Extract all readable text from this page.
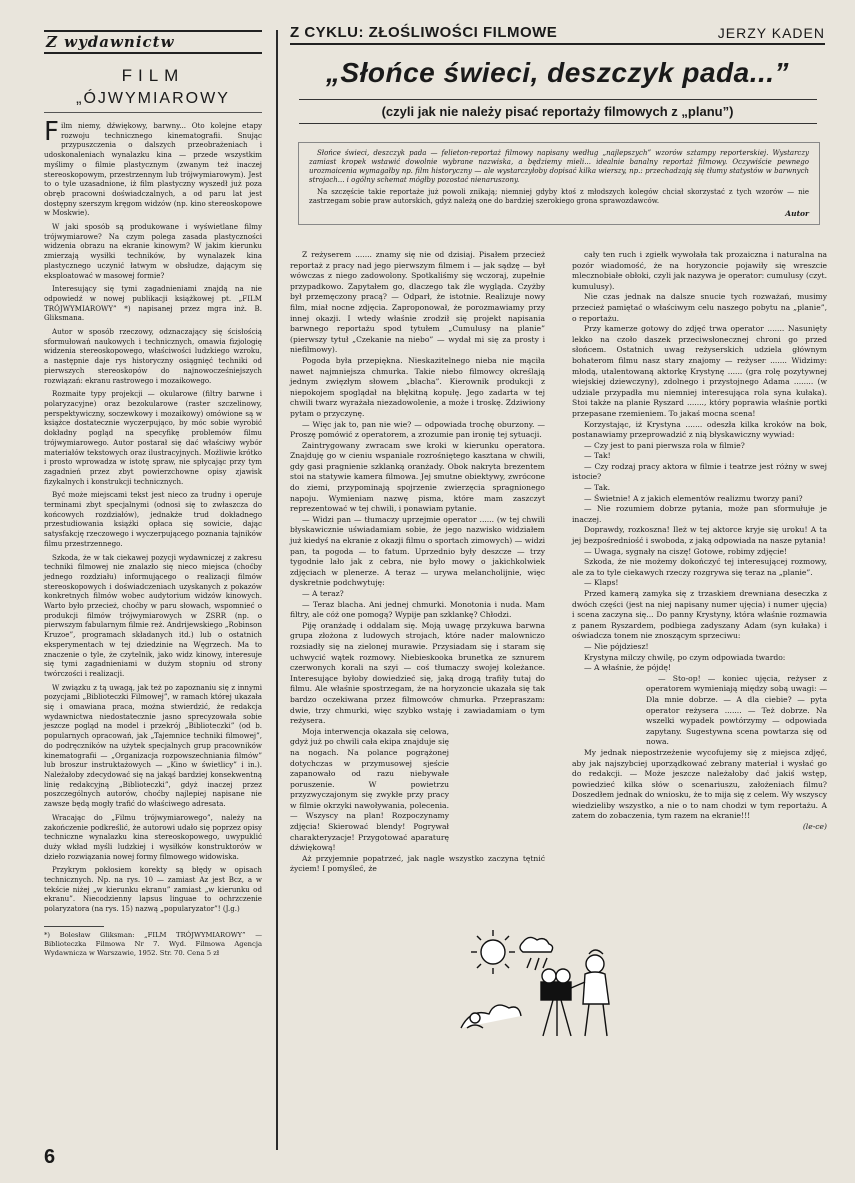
Z wydawnictw
FILM
„ÓJWYMIAROWY

Film niemy, dźwiękowy, barwny... Oto kolejne etapy rozwoju technicznego kinematografii. Snując przypuszczenia o dalszych przeobrażeniach i udoskonaleniach wynalazku kina — przede wszystkim myślimy o filmie plastycznym (zwanym też inaczej stereoskopowym, przestrzennym lub trójwymiarowym). Jest to o tyle uzasadnione, iż film plastyczny wyszedł już poza obręb pracowni doświadczalnych, a od paru lat jest dostępny szerszym kręgom widzów (np. kino stereoskopowe w Moskwie).

W jaki sposób są produkowane i wyświetlane filmy trójwymiarowe? Na czym polega zasada plastyczności widzenia obrazu na ekranie kinowym? W jakim kierunku zmierzają wysiłki techników, by wynalazek kina plastycznego uczynić łatwym w obsłudze, dającym się eksploatować w masowej formie?

Interesujący się tymi zagadnieniami znajdą na nie odpowiedź w nowej publikacji książkowej pt. „FILM TRÓJWYMIAROWY” *) napisanej przez mgra inż. B. Gliksmana.

Autor w sposób rzeczowy, odznaczający się ścisłością sformułowań naukowych i technicznych, omawia fizjologię widzenia stereoskopowego, właściwości ludzkiego wzroku, a następnie daje rys historyczny osiągnięć techniki od pierwszych stereoskopów do najnowocześniejszych rozwiązań: ekranu rastrowego i mozaikowego.

Rozmaite typy projekcji — okularowe (filtry barwne i polaryzacyjne) oraz bezokularowe (raster szczelinowy, perspektywiczny, soczewkowy i mozaikowy) omówione są w książce dostatecznie wyczerpująco, by móc sobie wyrobić dokładny pogląd na specyfikę problemów filmu trójwymiarowego. Autor postarał się dać właściwy wybór materiałów tekstowych oraz ilustracyjnych. Możliwie krótko i prosto wprowadza w istotę spraw, nie spłycając przy tym zagadnień przez zbyt powierzchowne opisy zjawisk fizykalnych i konstrukcji technicznych.

Być może miejscami tekst jest nieco za trudny i operuje terminami zbyt specjalnymi (odnosi się to zwłaszcza do końcowych rozdziałów), jednakże trud dokładnego przestudiowania książki opłaca się sowicie, dając satysfakcję rzeczowego i wyczerpującego poznania tajników filmu przestrzennego.

Szkoda, że w tak ciekawej pozycji wydawniczej z zakresu techniki filmowej nie znalazło się nieco miejsca (choćby jednego rozdziału) informującego o realizacji filmów stereoskopowych i doświadczeniach uzyskanych z pokazów konkretnych filmów wobec audytorium widzów kinowych. Warto było przecież, choćby w paru słowach, wspomnieć o produkcji filmów trójwymiarowych w ZSRR (np. o pierwszym fabularnym filmie reż. Andrijewskiego „Robinson Kruzoe”, programach składanych itd.) lub o ostatnich eksperymentach w tej dziedzinie na Węgrzech. Ma to znaczenie o tyle, że czytelnik, jako widz kinowy, interesuje się tymi zagadnieniami w dużym stopniu od strony twórczości i realizacji.

W związku z tą uwagą, jak też po zapoznaniu się z innymi pozycjami „Biblioteczki Filmowej”, w ramach której ukazała się i omawiana praca, można stwierdzić, że redakcja wydawnictwa niedostatecznie jasno sprecyzowała sobie jeszcze pogląd na model i przekrój „Biblioteczki” (od b. popularnych opracowań, jak „Tajemnice techniki filmowej”, do podręczników na użytek specjalnych grup pracowników kinematografii — „Organizacja rozpowszechniania filmów” lub broszur instruktażowych — „Kino w świetlicy” i in.). Należałoby zdecydować się na jakąś bardziej konsekwentną linię redakcyjną „Biblioteczki”, gdyż inaczej przez poszczególnych autorów, choćby najlepiej napisane nie zawsze będą mogły trafić do właściwego adresata.

Wracając do „Filmu trójwymiarowego”, należy na zakończenie podkreślić, że autorowi udało się poprzez opisy techniczne wynalazku kina stereoskopowego, uwypuklić duży wkład myśli ludzkiej i wysiłków konstruktorów w dzieło rozwiązania nowej formy filmowego widowiska.

Przykrym pokłosiem korekty są błędy w opisach technicznych. Np. na rys. 10 — zamiast Az jest Bcz, a w tekście niżej „w kierunku ekranu” zamiast „w kierunku od ekranu”. Niecodzienny lapsus linguae to ochrzczenie polaryzatora (na rys. 15) nazwą „popularyzator”! (J.g.)

*) Bolesław Gliksman: „FILM TRÓJWYMIAROWY” — Biblioteczka Filmowa Nr 7. Wyd. Filmowa Agencja Wydawnicza w Warszawie, 1952. Str. 70. Cena 5 zł

6
Z CYKLU: ZŁOŚLIWOŚCI FILMOWE	JERZY KADEN
„Słońce świeci, deszczyk pada...”
(czyli jak nie należy pisać reportaży filmowych z „planu”)

Słońce świeci, deszczyk pada — felieton-reportaż filmowy napisany według „najlepszych” wzorów sztampy reporterskiej. Wystarczy zamiast kropek wstawić dowolnie wybrane nazwiska, a będziemy mieli... idealnie banalny reportaż filmowy. Oczywiście pewnego urozmaicenia wymagałby np. film historyczny — ale wystarczyłoby dopisać kilka wierszy, np.: przechadzają się tłumy statystów w barwnych strojach... i ogólny schemat mógłby pozostać nienaruszony.

Na szczęście takie reportaże już powoli znikają; niemniej gdyby ktoś z młodszych kolegów chciał skorzystać z tych wzorów — nie zastrzegam sobie praw autorskich, gdyż należą one do bardziej szerokiego grona sprawozdawców.

Autor

Z reżyserem ....... znamy się nie od dzisiaj. Pisałem przecież reportaż z pracy nad jego pierwszym filmem i — jak sądzę — był wówczas z niego zadowolony. Spotkaliśmy się wczoraj, zupełnie przypadkowo. Zapytałem go, dlaczego tak źle wygląda. Czyżby był przemęczony pracą? — Odparł, że istotnie. Realizuje nowy film, miał nocne zdjęcia. Zaproponował, że porozmawiamy przy innej okazji. I wtedy właśnie zrodził się projekt napisania barwnego reportażu spod tytułem „Cumulusy na planie” (pierwszy tytuł „Czekanie na niebo” — wydał mi się za prosty i niefilmowy).

Pogoda była przepiękna. Nieskazitelnego nieba nie mąciła nawet najmniejsza chmurka. Takie niebo filmowcy określają jednym zwięzłym słowem „blacha”. Kierownik produkcji z niepokojem spoglądał na błękitną kopułę. Jego zadarta w tej chwili twarz wyrażała niezadowolenie, a może i troskę. Zdziwiony pytam o przyczynę.

— Więc jak to, pan nie wie? — odpowiada trochę oburzony. — Proszę pomówić z operatorem, a zrozumie pan ironię tej sytuacji.

Zaintrygowany zwracam swe kroki w kierunku operatora. Znajduję go w cieniu wspaniale rozrośniętego kasztana w chwili, gdy gasi pragnienie szklanką oranżady. Obok nakryta brezentem stoi na statywie kamera filmowa. Jej smutne obiektywy, zwrócone do ziemi, przypominają spojrzenie zwierzęcia spragnionego napoju. Wymieniam nazwę pisma, które mam zaszczyt reprezentować w tej chwili, i ponawiam pytanie.

— Widzi pan — tłumaczy uprzejmie operator ...... (w tej chwili błyskawicznie uświadamiam sobie, że jego nazwisko widziałem już kiedyś na ekranie z okazji filmu o sportach zimowych) — widzi pan, ta pogoda — to fatum. Uprzednio były deszcze — trzy tygodnie lało jak z cebra, nie było mowy o jakichkolwiek zdjęciach w plenerze. A teraz — urywa melancholijnie, więc dyskretnie podchwytuję:

— A teraz?

— Teraz blacha. Ani jednej chmurki. Monotonia i nuda. Mam filtry, ale cóż one pomogą? Wypije pan szklankę? Chłodzi.

Piję oranżadę i oddalam się. Moją uwagę przykuwa barwna grupa złożona z ludowych strojach, które nader malowniczo rozsiadły się na zielonej murawie. Przysiadam się i staram się uchwycić wątek rozmowy. Niebieskooka brunetka ze sznurem czerwonych korali na szyi — coś tłumaczy swojej koleżance. Interesujące byłoby dowiedzieć się, jaką drogą trafiły tutaj do filmu. Ale właśnie spostrzegam, że na horyzoncie ukazała się tak bardzo oczekiwana przez filmowców chmurka. Przepraszam: dwie, trzy chmurki, więc szybko wstaję i zawiadamiam o tym reżysera.

Moja interwencja okazała się celowa, gdyż już po chwili cała ekipa znajduje się na nogach. Na polance pogrążonej dotychczas w przymusowej sjeście zapanowało od razu niebywałe poruszenie. W powietrzu przyzwyczajonym się zwykłe przy pracy w filmie okrzyki nawoływania, polecenia. — Wszyscy na plan! Rozpoczynamy zdjęcia! Skierować blendy! Pogrywał charakteryzacje! Przygotować aparaturę dźwiękową!

Aż przyjemnie popatrzeć, jak nagle wszystko zaczyna tętnić życiem! I pomyśleć, że

cały ten ruch i zgiełk wywołała tak prozaiczna i naturalna na pozór wiadomość, że na horyzoncie pojawiły się wreszcie mlecznobiałe obłoki, czyli jak nazywa je operator: cumulusy (czyt. kumulusy).

Nie czas jednak na dalsze snucie tych rozważań, musimy przecież pamiętać o właściwym celu naszego pobytu na „planie”, o reportażu.

Przy kamerze gotowy do zdjęć trwa operator ....... Nasunięty lekko na czoło daszek przeciwsłonecznej chroni go przed słońcem. Ostatnich uwag reżyserskich udziela głównym bohaterom filmu nasz stary znajomy — reżyser ....... Widzimy: młodą, utalentowaną aktorkę Krystynę ...... (gra rolę pozytywnej wiejskiej dziewczyny), zdolnego i przystojnego Adama ........ (w udziale przypadła mu niemniej interesująca rola syna kułaka). Stoi także na planie Ryszard ......., który poprawia właśnie portki przepasane rzemieniem. To jakaś mocna scena!

Korzystając, iż Krystyna ....... odeszła kilka kroków na bok, postanawiamy przeprowadzić z nią błyskawiczny wywiad:

— Czy jest to pani pierwsza rola w filmie?

— Tak!

— Czy rodzaj pracy aktora w filmie i teatrze jest różny w swej istocie?

— Tak.

— Świetnie! A z jakich elementów realizmu tworzy pani?

— Nie rozumiem dobrze pytania, może pan sformułuje je inaczej.

Doprawdy, rozkoszna! Ileż w tej aktorce kryje się uroku! A ta jej bezpośredniość i swoboda, z jaką odpowiada na nasze pytania!

— Uwaga, sygnały na ciszę! Gotowe, robimy zdjęcie!

Szkoda, że nie możemy dokończyć tej interesującej rozmowy, ale za to tyle ciekawych rzeczy rozgrywa się teraz na „planie”.

— Klaps!

Przed kamerą zamyka się z trzaskiem drewniana deseczka z dwóch części (jest na niej napisany numer ujęcia) i numer ujęcia) i scena zaczyna się... Do panny Krystyny, która właśnie rozmawia z panem Ryszardem, podbiega zadyszany Adam (syn kułaka) i oświadcza tonem nie znoszącym sprzeciwu:

— Nie pójdziesz!

Krystyna milczy chwilę, po czym odpowiada twardo:

— A właśnie, że pójdę!

— Sto-op! — koniec ujęcia, reżyser z operatorem wymieniają między sobą uwagi: — Dla mnie dobrze. — A dla ciebie? — pyta operator reżysera ....... — Też dobrze. Na wszelki wypadek powtórzymy — odpowiada zapytany. Sugestywna scena powtarza się od nowa.

My jednak niepostrzeżenie wycofujemy się z miejsca zdjęć, aby jak najszybciej uporządkować zebrany materiał i wysłać go do redakcji. — Może jeszcze należałoby dać jakiś wstęp, powiedzieć kilka słów o scenariuszu, założeniach filmu? Doszedłem jednak do wniosku, że to mija się z celem. Wy wszyscy wiedzieliby wszystko, a nie o to nam chodzi w tym reportażu. A zatem do zobaczenia, tym razem na ekranie!!!

(le-ce)
